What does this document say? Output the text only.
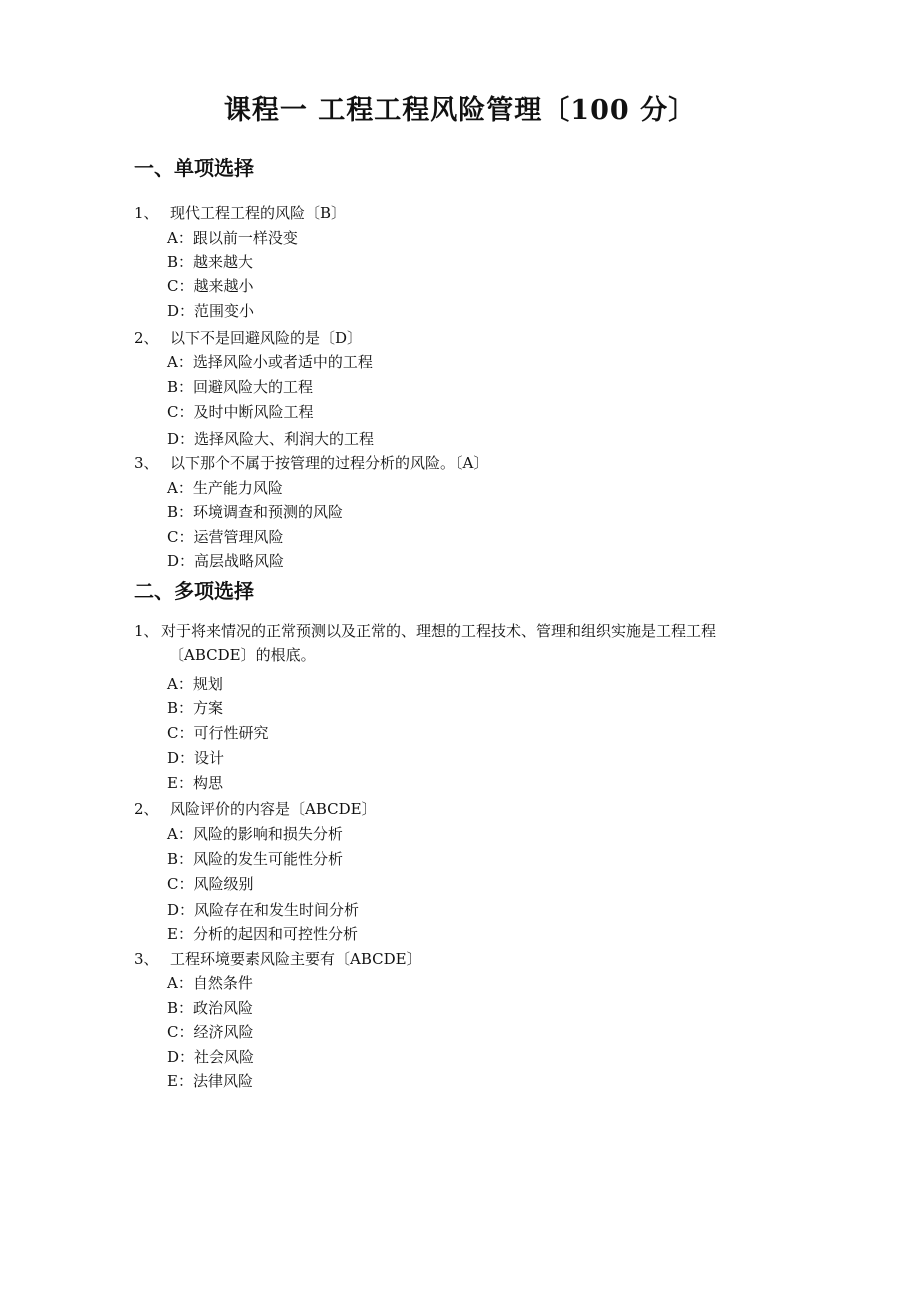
课程一 工程工程风险管理〔100 分〕
一、单项选择
1、 现代工程工程的风险〔B〕
A：跟以前一样没变
B：越来越大
C：越来越小
D：范围变小
2、 以下不是回避风险的是〔D〕
A：选择风险小或者适中的工程
B：回避风险大的工程
C：及时中断风险工程
D：选择风险大、利润大的工程
3、 以下那个不属于按管理的过程分析的风险。〔A〕
A：生产能力风险
B：环境调查和预测的风险
C：运营管理风险
D：高层战略风险
二、多项选择
1、 对于将来情况的正常预测以及正常的、理想的工程技术、管理和组织实施是工程工程
〔ABCDE〕的根底。
A：规划
B：方案
C：可行性研究
D：设计
E：构思
2、 风险评价的内容是〔ABCDE〕
A：风险的影响和损失分析
B：风险的发生可能性分析
C：风险级别
D：风险存在和发生时间分析
E：分析的起因和可控性分析
3、 工程环境要素风险主要有〔ABCDE〕
A：自然条件
B：政治风险
C：经济风险
D：社会风险
E：法律风险
